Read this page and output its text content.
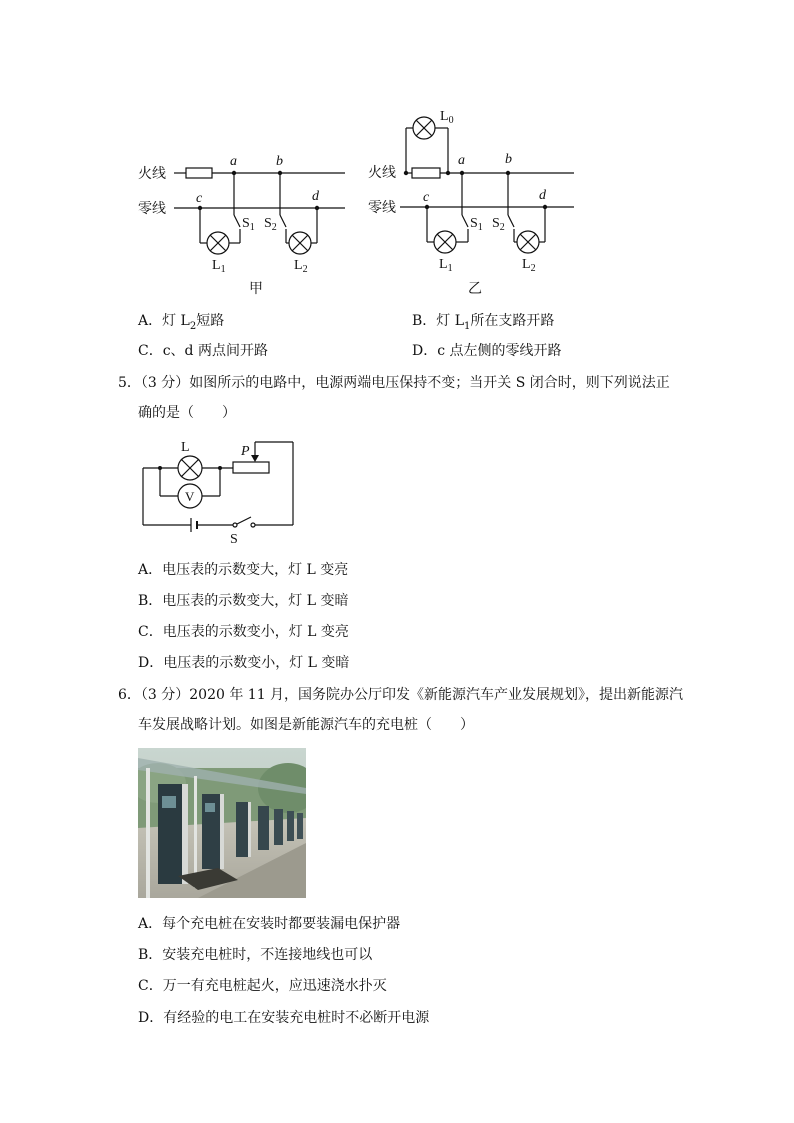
火线
零线
a	b
c	d
$S_1$ $S_2$
$L_1$	$L_2$
甲
$L_0$
火线
零线
a	b
c	d
$S_1$ $S_2$
$L_1$	$L_2$
乙
A．灯 $L_2$短路	B．灯 $L_1$所在支路开路
C．c、d 两点间开路	D．c 点左侧的零线开路
5．（3 分）如图所示的电路中，电源两端电压保持不变；当开关 S 闭合时，则下列说法正
确的是（　　）
L	P
V
S
A．电压表的示数变大，灯 L 变亮
B．电压表的示数变大，灯 L 变暗
C．电压表的示数变小，灯 L 变亮
D．电压表的示数变小，灯 L 变暗
6．（3 分）2020 年 11 月，国务院办公厅印发《新能源汽车产业发展规划》，提出新能源汽
车发展战略计划。如图是新能源汽车的充电桩（　　）
A．每个充电桩在安装时都要装漏电保护器
B．安装充电桩时，不连接地线也可以
C．万一有充电桩起火，应迅速浇水扑灭
D．有经验的电工在安装充电桩时不必断开电源
